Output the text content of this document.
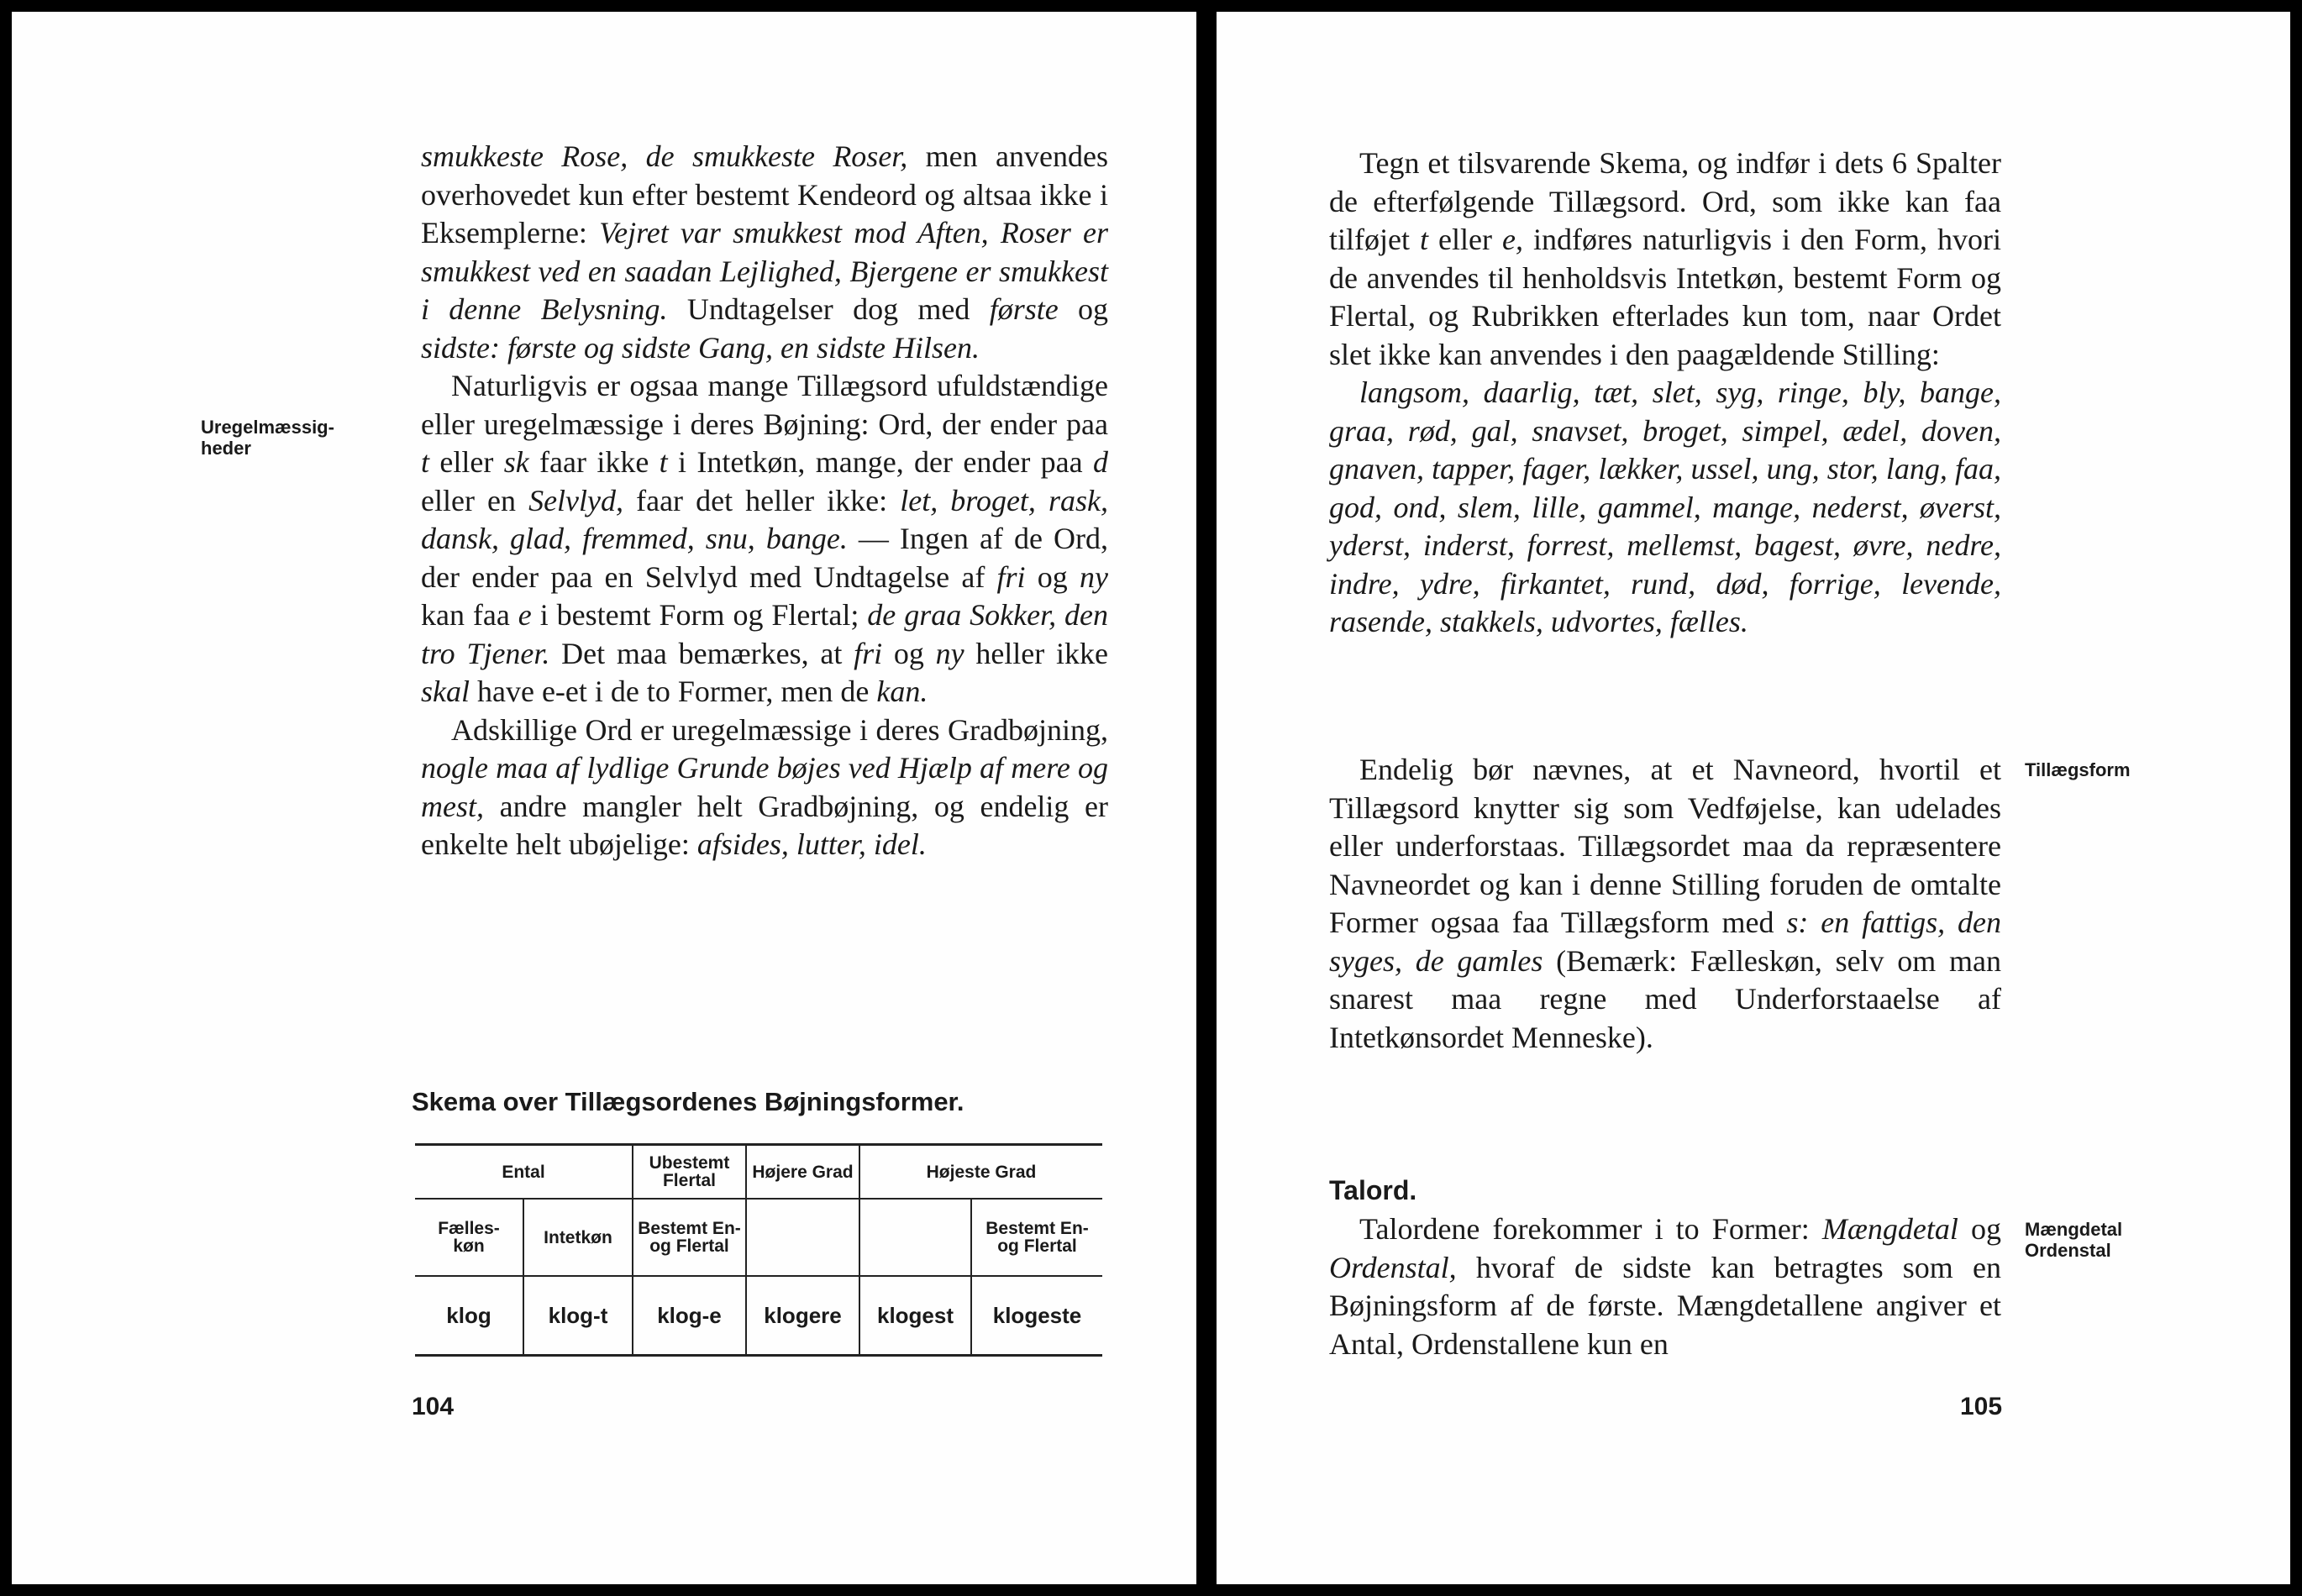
Uregelmæssig-
heder

smukkeste Rose, de smukkeste Roser, men anvendes overhovedet kun efter bestemt Kendeord og altsaa ikke i Eksemplerne: Vejret var smukkest mod Aften, Roser er smukkest ved en saadan Lejlighed, Bjergene er smukkest i denne Belysning. Undtagelser dog med første og sidste: første og sidste Gang, en sidste Hilsen.

Naturligvis er ogsaa mange Tillægsord ufuldstændige eller uregelmæssige i deres Bøjning: Ord, der ender paa t eller sk faar ikke t i Intetkøn, mange, der ender paa d eller en Selvlyd, faar det heller ikke: let, broget, rask, dansk, glad, fremmed, snu, bange. — Ingen af de Ord, der ender paa en Selvlyd med Undtagelse af fri og ny kan faa e i bestemt Form og Flertal; de graa Sokker, den tro Tjener. Det maa bemærkes, at fri og ny heller ikke skal have e-et i de to Former, men de kan.

Adskillige Ord er uregelmæssige i deres Gradbøjning, nogle maa af lydlige Grunde bøjes ved Hjælp af mere og mest, andre mangler helt Gradbøjning, og endelig er enkelte helt ubøjelige: afsides, lutter, idel.

Skema over Tillægsordenes Bøjningsformer.
Ental		Ubestemt Flertal	Højere Grad	Højeste Grad	
Fælles-
køn	Intetkøn	Bestemt En- og Flertal			Bestemt En- og Flertal
klog	klog-t	klog-e	klogere	klogest	klogeste
104

Tegn et tilsvarende Skema, og indfør i dets 6 Spalter de efterfølgende Tillægsord. Ord, som ikke kan faa tilføjet t eller e, indføres naturligvis i den Form, hvori de anvendes til henholdsvis Intetkøn, bestemt Form og Flertal, og Rubrikken efterlades kun tom, naar Ordet slet ikke kan anvendes i den paagældende Stilling:

langsom, daarlig, tæt, slet, syg, ringe, bly, bange, graa, rød, gal, snavset, broget, simpel, ædel, doven, gnaven, tapper, fager, lækker, ussel, ung, stor, lang, faa, god, ond, slem, lille, gammel, mange, nederst, øverst, yderst, inderst, forrest, mellemst, bagest, øvre, nedre, indre, ydre, firkantet, rund, død, forrige, levende, rasende, stakkels, udvortes, fælles.

Tillægsform

Endelig bør nævnes, at et Navneord, hvortil et Tillægsord knytter sig som Vedføjelse, kan udelades eller underforstaas. Tillægsordet maa da repræsentere Navneordet og kan i denne Stilling foruden de omtalte Former ogsaa faa Tillægsform med s: en fattigs, den syges, de gamles (Bemærk: Fælleskøn, selv om man snarest maa regne med Underforstaaelse af Intetkønsordet Menneske).

Talord.
Mængdetal
Ordenstal

Talordene forekommer i to Former: Mængdetal og Ordenstal, hvoraf de sidste kan betragtes som en Bøjningsform af de første. Mængdetallene angiver et Antal, Ordenstallene kun en

105
